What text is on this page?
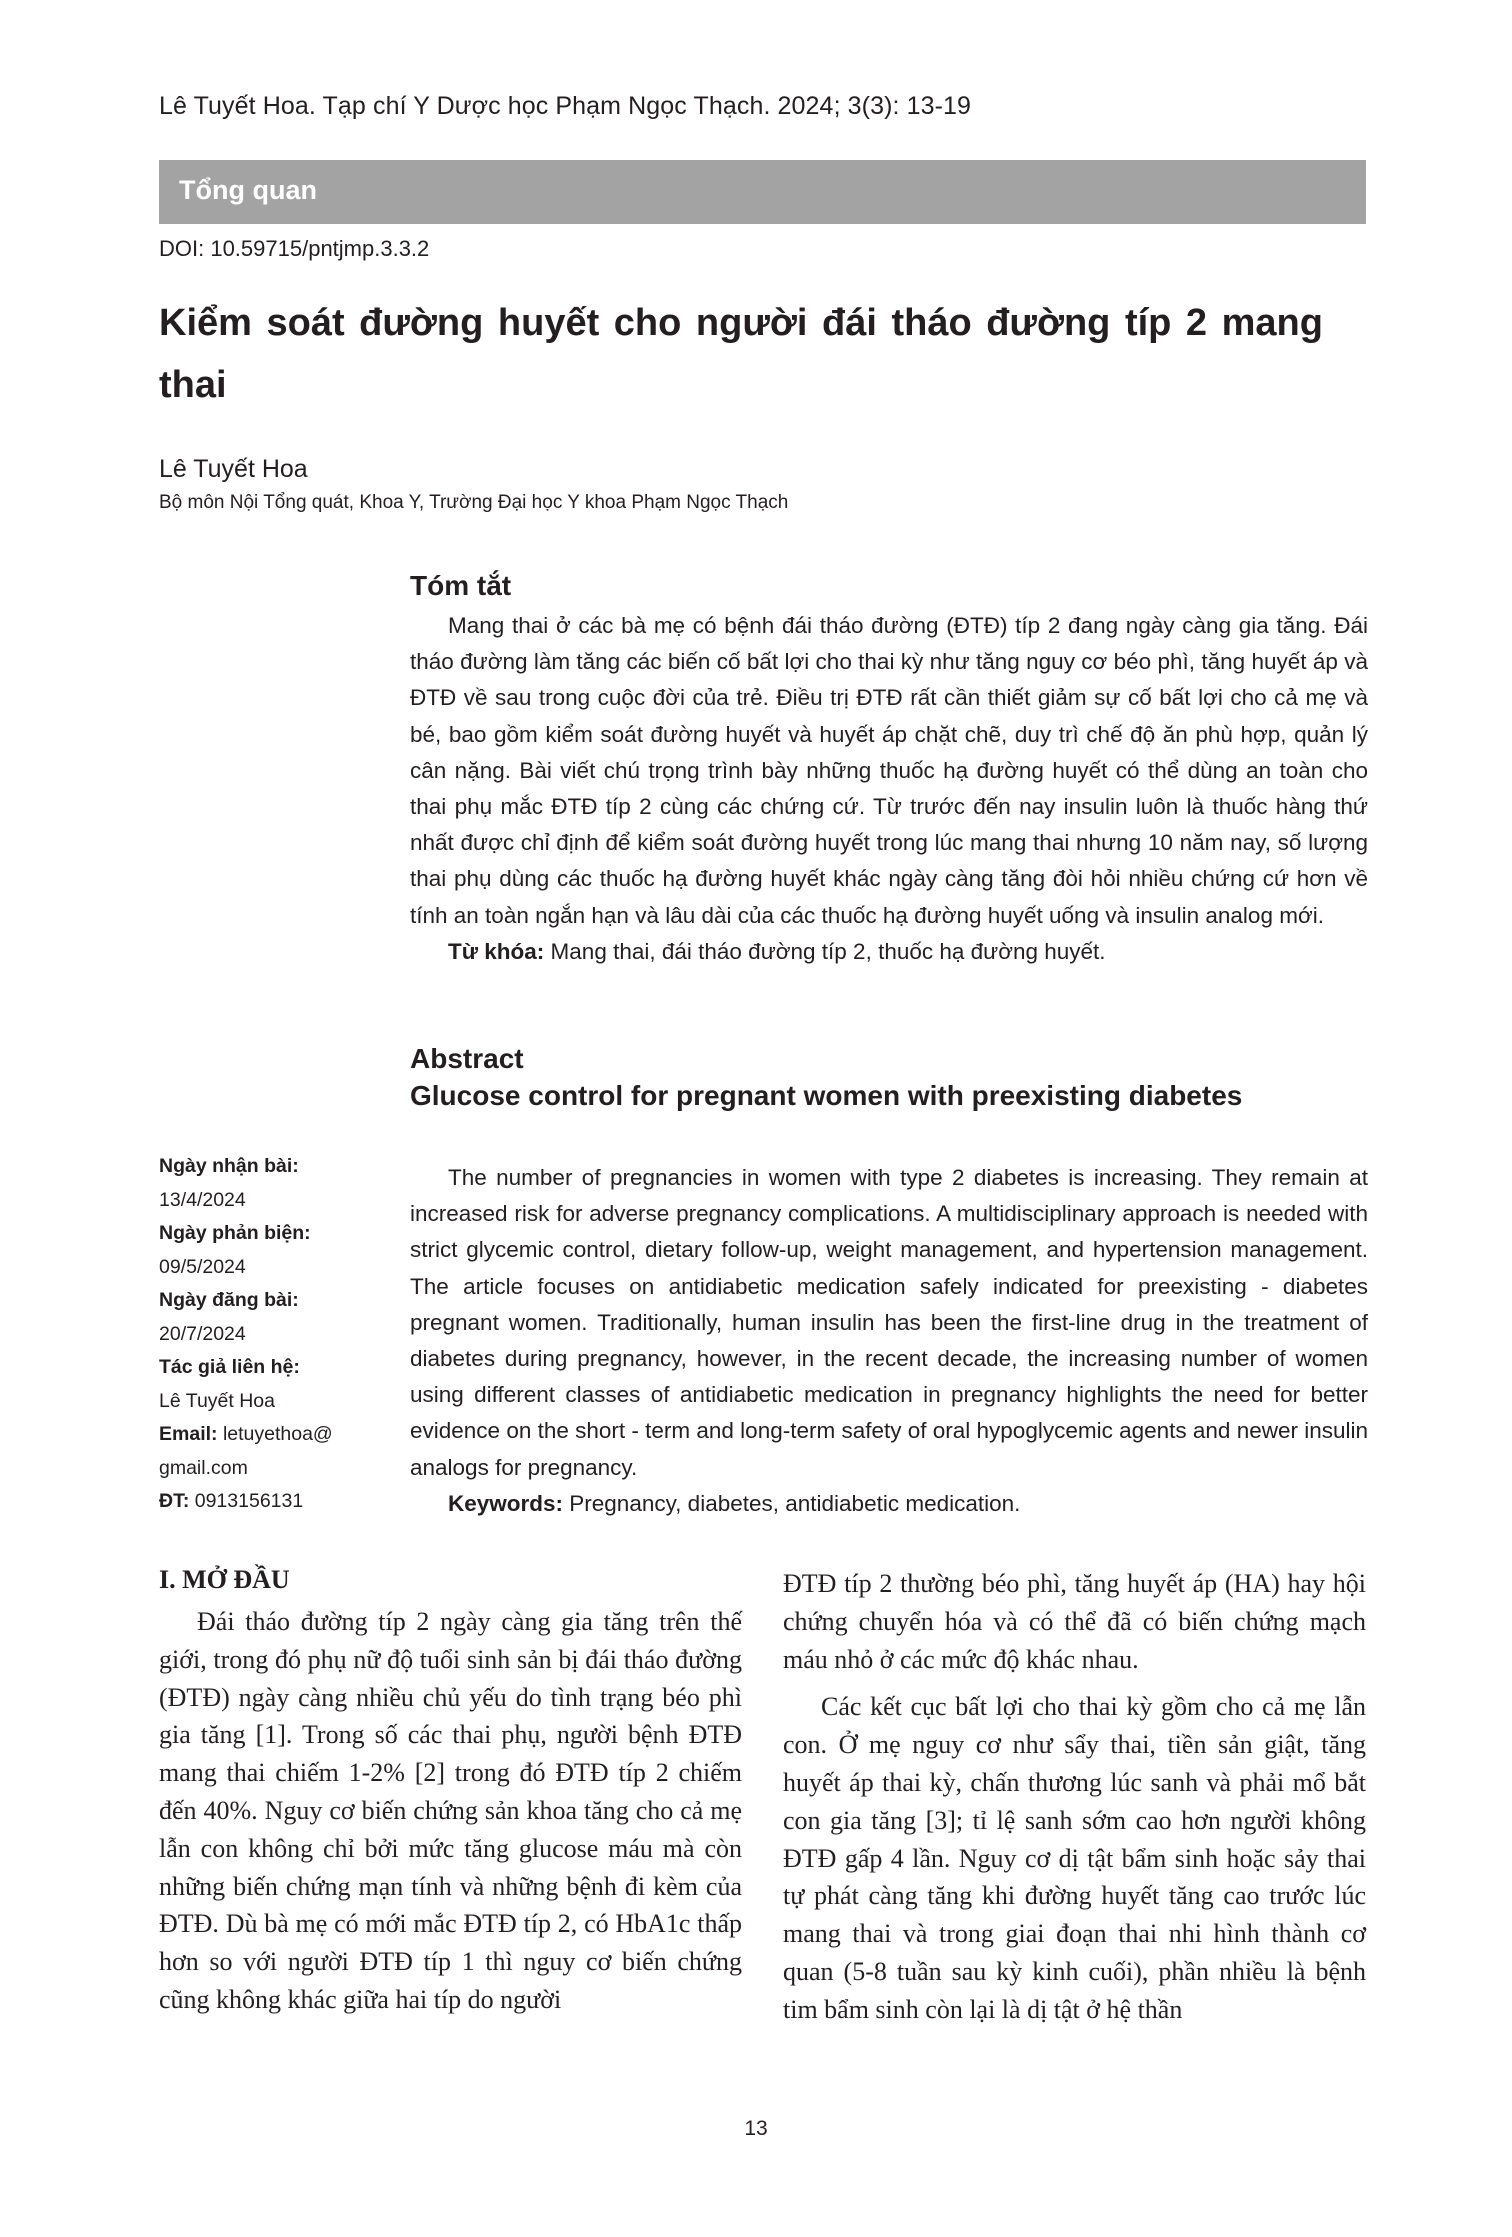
Lê Tuyết Hoa. Tạp chí Y Dược học Phạm Ngọc Thạch. 2024; 3(3): 13-19
Tổng quan
DOI: 10.59715/pntjmp.3.3.2
Kiểm soát đường huyết cho người đái tháo đường típ 2 mang thai
Lê Tuyết Hoa
Bộ môn Nội Tổng quát, Khoa Y, Trường Đại học Y khoa Phạm Ngọc Thạch
Tóm tắt

Mang thai ở các bà mẹ có bệnh đái tháo đường (ĐTĐ) típ 2 đang ngày càng gia tăng. Đái tháo đường làm tăng các biến cố bất lợi cho thai kỳ như tăng nguy cơ béo phì, tăng huyết áp và ĐTĐ về sau trong cuộc đời của trẻ. Điều trị ĐTĐ rất cần thiết giảm sự cố bất lợi cho cả mẹ và bé, bao gồm kiểm soát đường huyết và huyết áp chặt chẽ, duy trì chế độ ăn phù hợp, quản lý cân nặng. Bài viết chú trọng trình bày những thuốc hạ đường huyết có thể dùng an toàn cho thai phụ mắc ĐTĐ típ 2 cùng các chứng cứ. Từ trước đến nay insulin luôn là thuốc hàng thứ nhất được chỉ định để kiểm soát đường huyết trong lúc mang thai nhưng 10 năm nay, số lượng thai phụ dùng các thuốc hạ đường huyết khác ngày càng tăng đòi hỏi nhiều chứng cứ hơn về tính an toàn ngắn hạn và lâu dài của các thuốc hạ đường huyết uống và insulin analog mới.

Từ khóa: Mang thai, đái tháo đường típ 2, thuốc hạ đường huyết.

Abstract
Glucose control for pregnant women with preexisting diabetes

The number of pregnancies in women with type 2 diabetes is increasing. They remain at increased risk for adverse pregnancy complications. A multidisciplinary approach is needed with strict glycemic control, dietary follow-up, weight management, and hypertension management. The article focuses on antidiabetic medication safely indicated for preexisting - diabetes pregnant women. Traditionally, human insulin has been the first-line drug in the treatment of diabetes during pregnancy, however, in the recent decade, the increasing number of women using different classes of antidiabetic medication in pregnancy highlights the need for better evidence on the short - term and long-term safety of oral hypoglycemic agents and newer insulin analogs for pregnancy.

Keywords: Pregnancy, diabetes, antidiabetic medication.

Ngày nhận bài:
13/4/2024
Ngày phản biện:
09/5/2024
Ngày đăng bài:
20/7/2024
Tác giả liên hệ:
Lê Tuyết Hoa
Email: letuyethoa@
gmail.com
ĐT: 0913156131
I. MỞ ĐẦU

Đái tháo đường típ 2 ngày càng gia tăng trên thế giới, trong đó phụ nữ độ tuổi sinh sản bị đái tháo đường (ĐTĐ) ngày càng nhiều chủ yếu do tình trạng béo phì gia tăng [1]. Trong số các thai phụ, người bệnh ĐTĐ mang thai chiếm 1-2% [2] trong đó ĐTĐ típ 2 chiếm đến 40%. Nguy cơ biến chứng sản khoa tăng cho cả mẹ lẫn con không chỉ bởi mức tăng glucose máu mà còn những biến chứng mạn tính và những bệnh đi kèm của ĐTĐ. Dù bà mẹ có mới mắc ĐTĐ típ 2, có HbA1c thấp hơn so với người ĐTĐ típ 1 thì nguy cơ biến chứng cũng không khác giữa hai típ do người

ĐTĐ típ 2 thường béo phì, tăng huyết áp (HA) hay hội chứng chuyển hóa và có thể đã có biến chứng mạch máu nhỏ ở các mức độ khác nhau.

Các kết cục bất lợi cho thai kỳ gồm cho cả mẹ lẫn con. Ở mẹ nguy cơ như sẩy thai, tiền sản giật, tăng huyết áp thai kỳ, chấn thương lúc sanh và phải mổ bắt con gia tăng [3]; tỉ lệ sanh sớm cao hơn người không ĐTĐ gấp 4 lần. Nguy cơ dị tật bẩm sinh hoặc sảy thai tự phát càng tăng khi đường huyết tăng cao trước lúc mang thai và trong giai đoạn thai nhi hình thành cơ quan (5-8 tuần sau kỳ kinh cuối), phần nhiều là bệnh tim bẩm sinh còn lại là dị tật ở hệ thần

13
